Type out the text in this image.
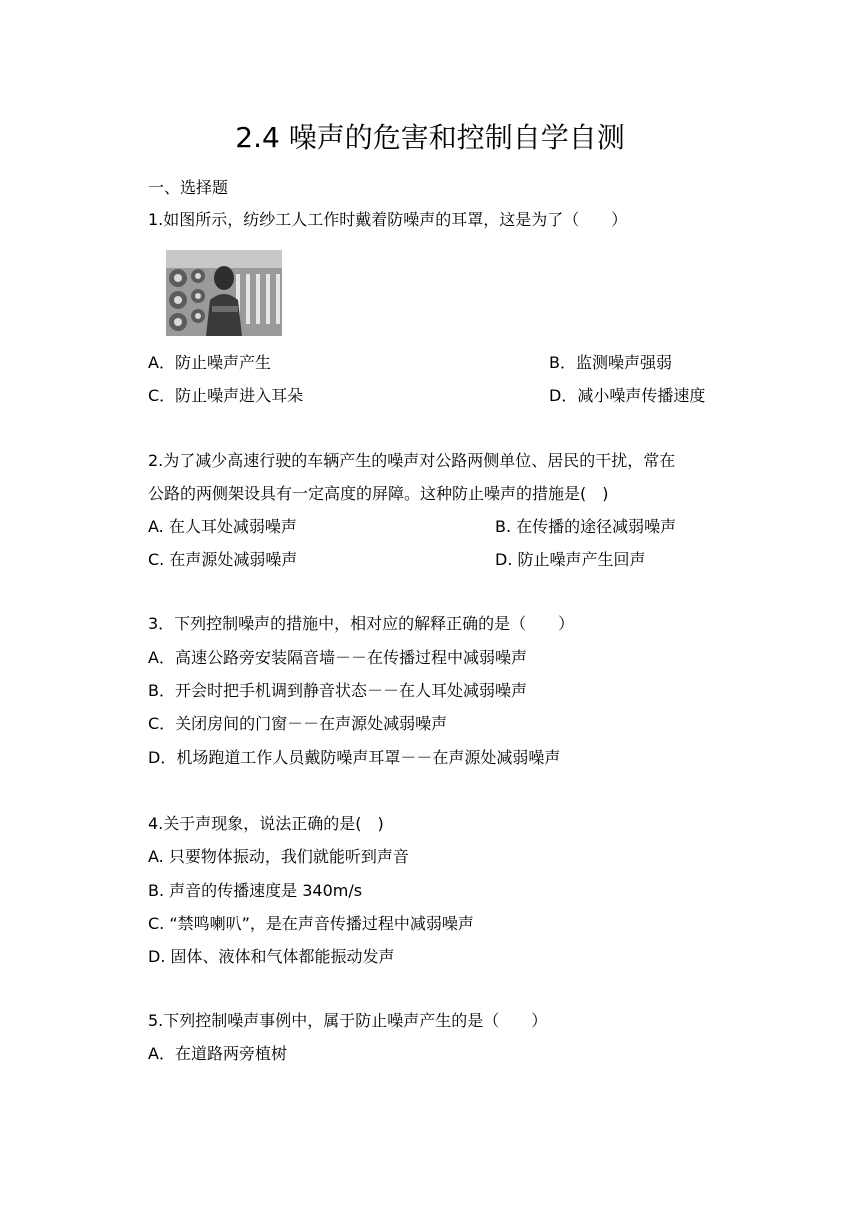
2.4 噪声的危害和控制自学自测
一、选择题
1.如图所示，纺纱工人工作时戴着防噪声的耳罩，这是为了（　　）
A．防止噪声产生	B．监测噪声强弱
C．防止噪声进入耳朵	D．减小噪声传播速度
2.为了减少高速行驶的车辆产生的噪声对公路两侧单位、居民的干扰，常在
公路的两侧架设具有一定高度的屏障。这种防止噪声的措施是(　)
A. 在人耳处减弱噪声	B. 在传播的途径减弱噪声
C. 在声源处减弱噪声	D. 防止噪声产生回声
3．下列控制噪声的措施中，相对应的解释正确的是（　　）
A．高速公路旁安装隔音墙－－在传播过程中减弱噪声
B．开会时把手机调到静音状态－－在人耳处减弱噪声
C．关闭房间的门窗－－在声源处减弱噪声
D．机场跑道工作人员戴防噪声耳罩－－在声源处减弱噪声
4.关于声现象，说法正确的是(　)
A. 只要物体振动，我们就能听到声音
B. 声音的传播速度是 340m/s
C. “禁鸣喇叭”，是在声音传播过程中减弱噪声
D. 固体、液体和气体都能振动发声
5.下列控制噪声事例中，属于防止噪声产生的是（　　）
A．在道路两旁植树
